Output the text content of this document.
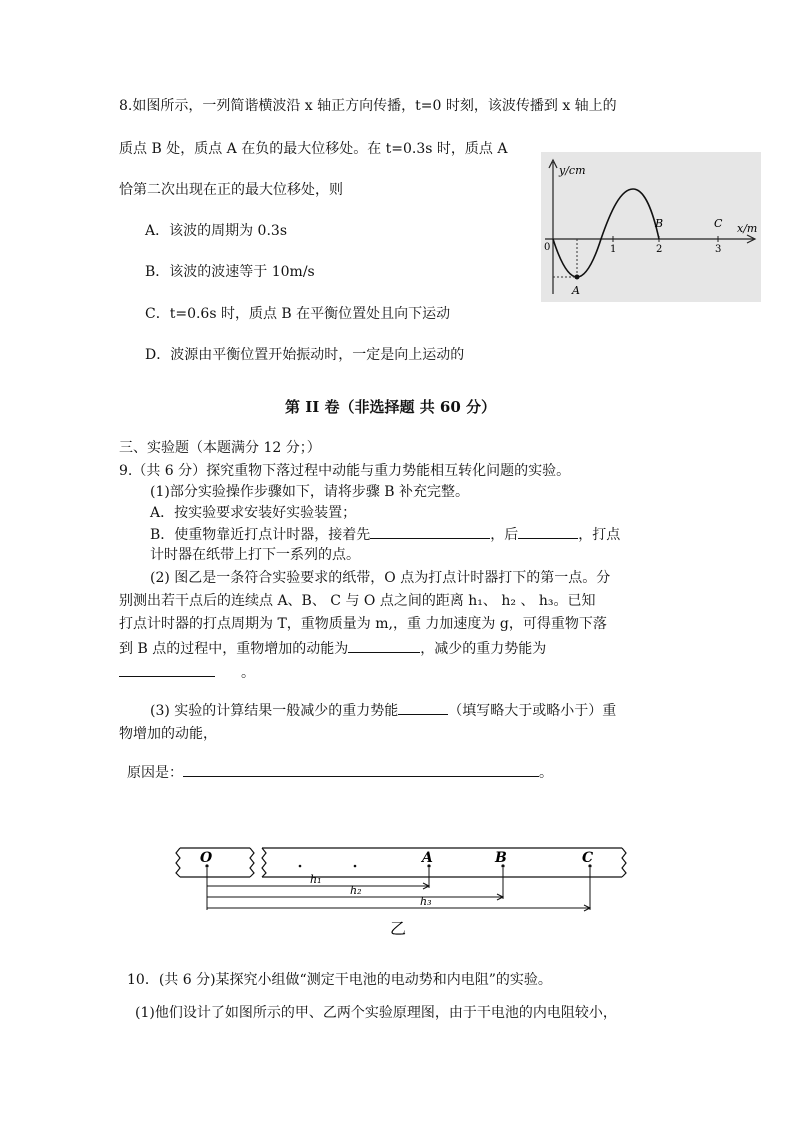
8.如图所示，一列简谐横波沿 x 轴正方向传播，t=0 时刻，该波传播到 x 轴上的
质点 B 处，质点 A 在负的最大位移处。在 t=0.3s 时，质点 A
恰第二次出现在正的最大位移处，则
A．该波的周期为 0.3s
B．该波的波速等于 10m/s
C．t=0.6s 时，质点 B 在平衡位置处且向下运动
D．波源由平衡位置开始振动时，一定是向上运动的
y/cm
x/m
0	1	2	3
A
B	C
第 II 卷（非选择题 共 60 分）
三、实验题（本题满分 12 分；）
9.（共 6 分）探究重物下落过程中动能与重力势能相互转化问题的实验。
(1)部分实验操作步骤如下，请将步骤 B 补充完整。
A．按实验要求安装好实验装置；
B．使重物靠近打点计时器，接着先	，后	，打点
计时器在纸带上打下一系列的点。
(2) 图乙是一条符合实验要求的纸带，O 点为打点计时器打下的第一点。分
别测出若干点后的连续点 A、B、 C 与 O 点之间的距离 h₁、 h₂ 、 h₃。已知
打点计时器的打点周期为 T，重物质量为 m,，重 力加速度为 g，可得重物下落
到 B 点的过程中，重物增加的动能为	，减少的重力势能为
。
(3) 实验的计算结果一般减少的重力势能	（填写略大于或略小于）重
物增加的动能，
原因是：	。
O	A	B	C
h₁
h₂
h₃
乙
10．(共 6 分)某探究小组做“测定干电池的电动势和内电阻”的实验。
(1)他们设计了如图所示的甲、乙两个实验原理图，由于干电池的内电阻较小，
